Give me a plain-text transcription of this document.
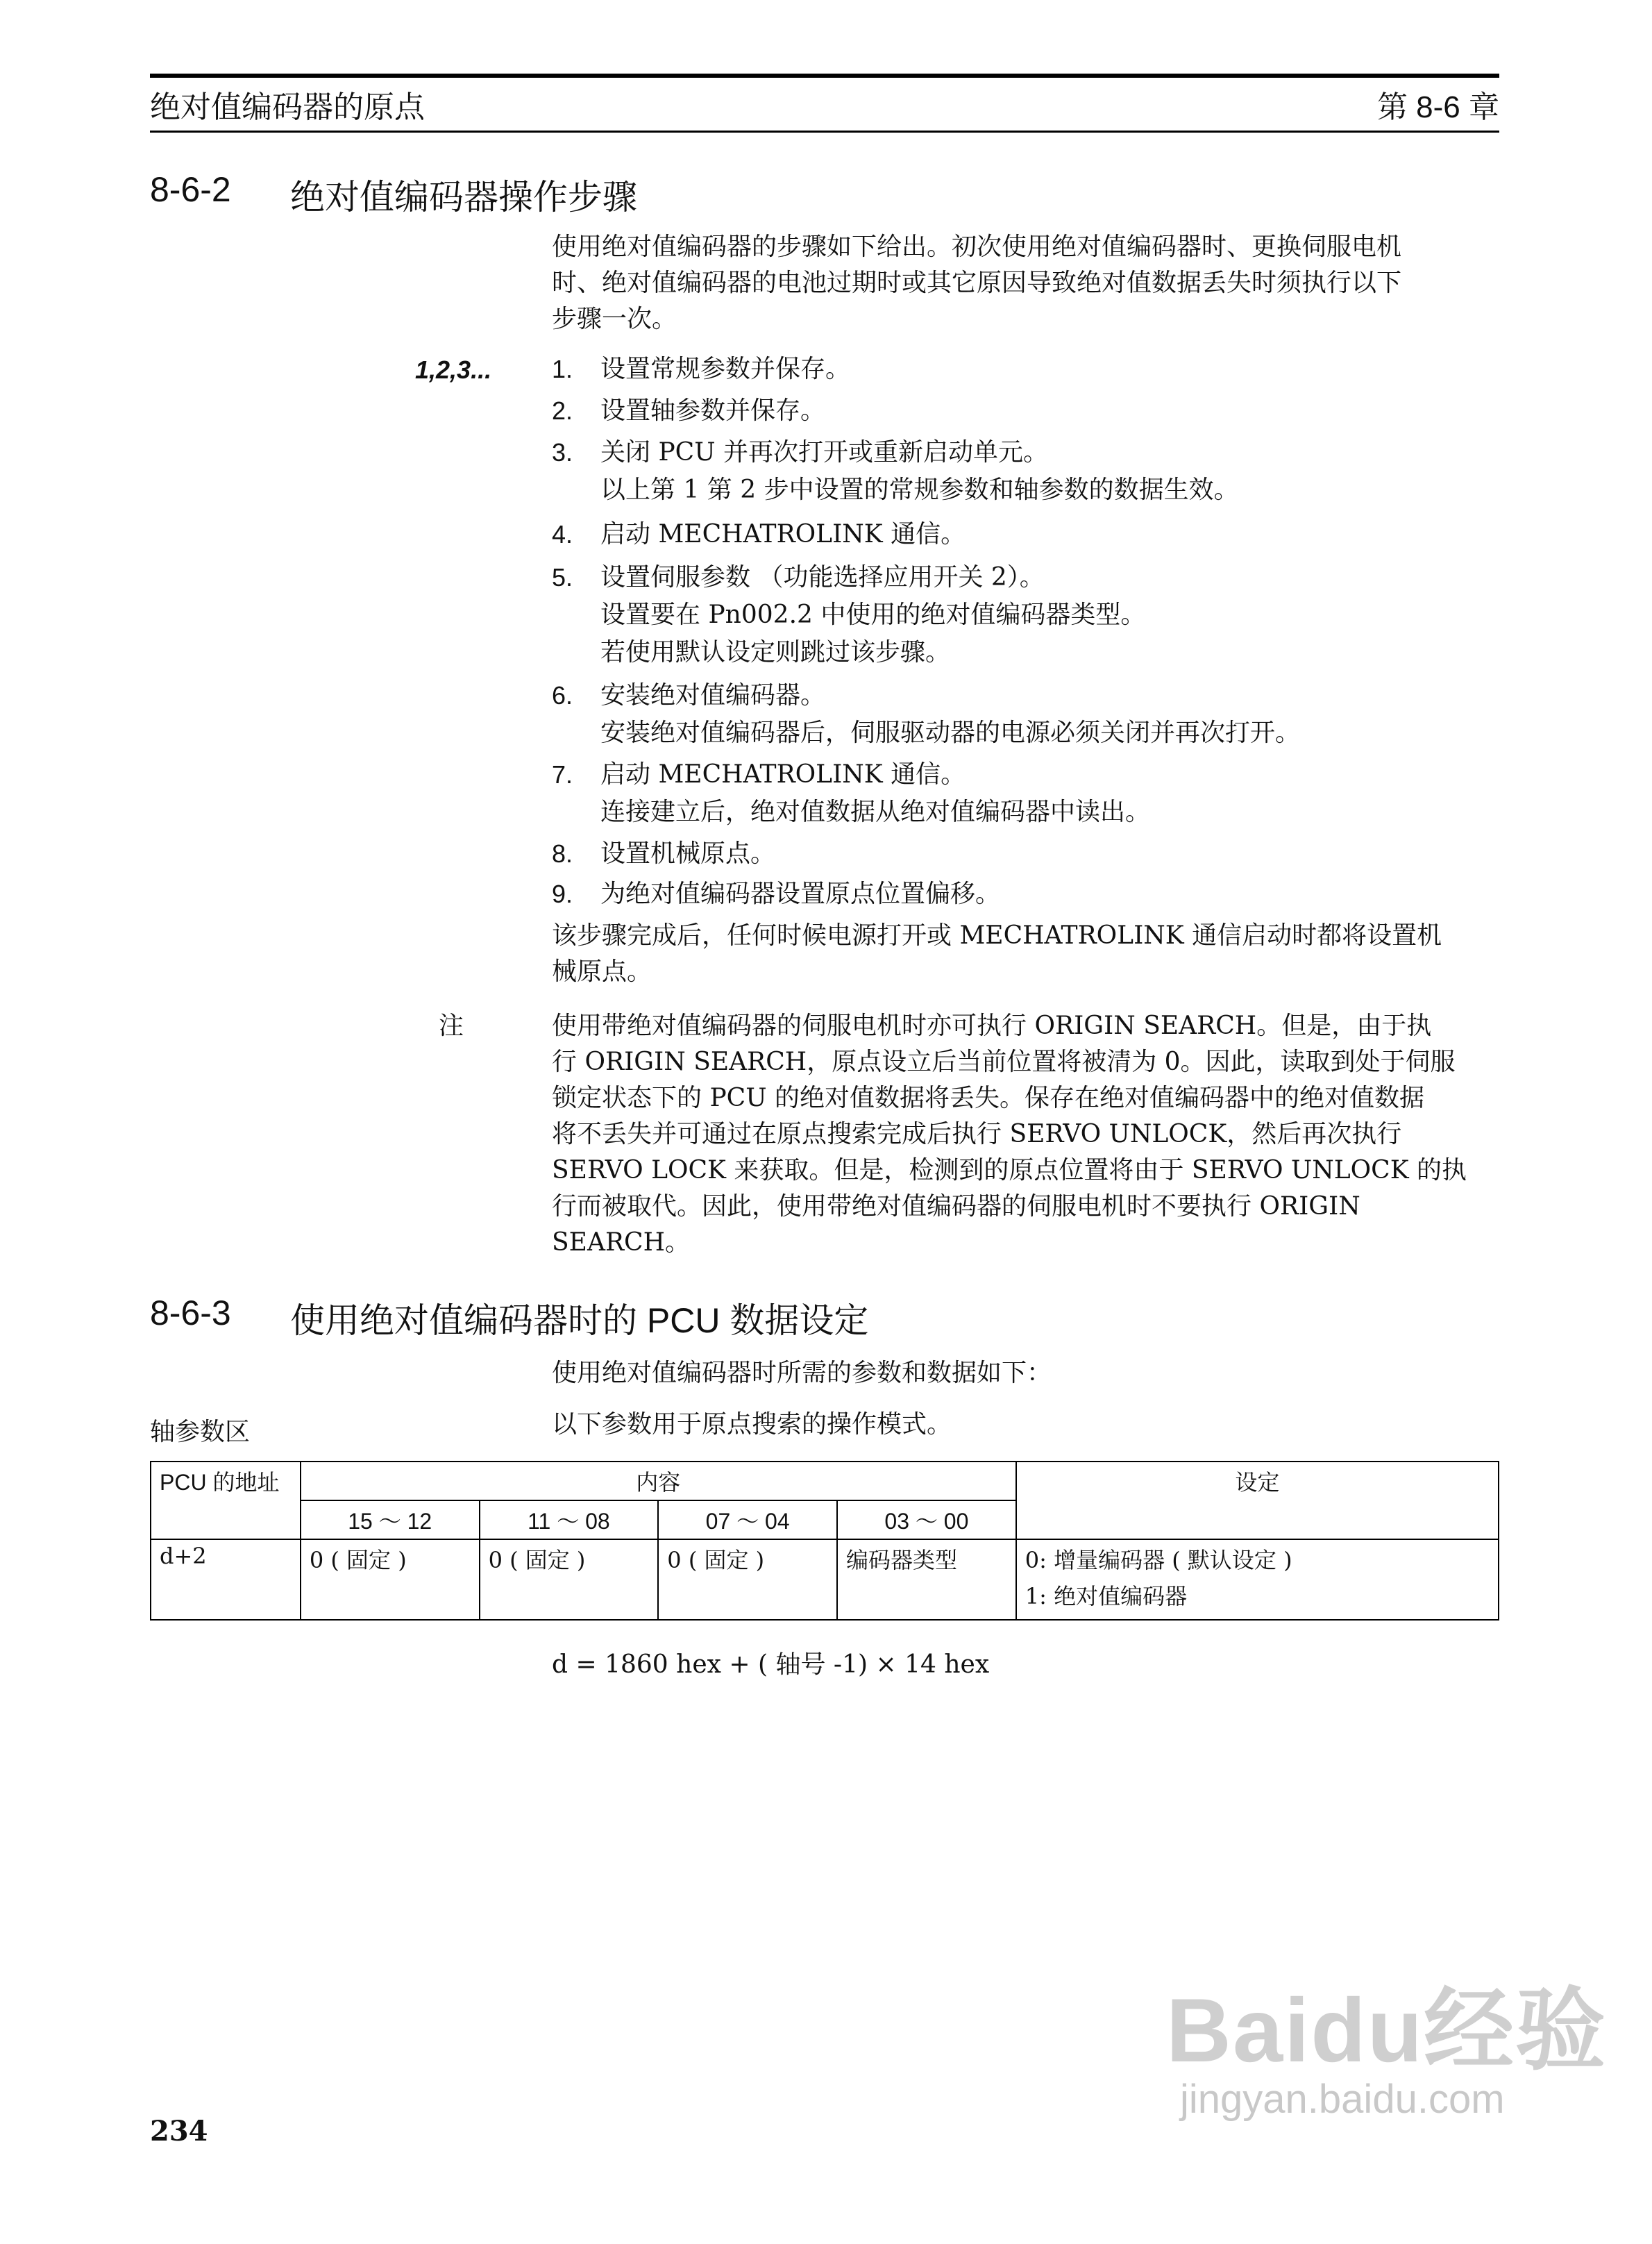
绝对值编码器的原点	第 8-6 章
8-6-2 绝对值编码器操作步骤
使用绝对值编码器的步骤如下给出。初次使用绝对值编码器时、更换伺服电机
时、绝对值编码器的电池过期时或其它原因导致绝对值数据丢失时须执行以下
步骤一次。
1,2,3... 1. 设置常规参数并保存。
2. 设置轴参数并保存。
3. 关闭 PCU 并再次打开或重新启动单元。
以上第 1 第 2 步中设置的常规参数和轴参数的数据生效。
4. 启动 MECHATROLINK 通信。
5. 设置伺服参数 （功能选择应用开关 2）。
设置要在 Pn002.2 中使用的绝对值编码器类型。
若使用默认设定则跳过该步骤。
6. 安装绝对值编码器。
安装绝对值编码器后，伺服驱动器的电源必须关闭并再次打开。
7. 启动 MECHATROLINK 通信。
连接建立后，绝对值数据从绝对值编码器中读出。
8. 设置机械原点。
9. 为绝对值编码器设置原点位置偏移。
该步骤完成后，任何时候电源打开或 MECHATROLINK 通信启动时都将设置机
械原点。
注	使用带绝对值编码器的伺服电机时亦可执行 ORIGIN SEARCH。但是，由于执
行 ORIGIN SEARCH，原点设立后当前位置将被清为 0。因此，读取到处于伺服
锁定状态下的 PCU 的绝对值数据将丢失。保存在绝对值编码器中的绝对值数据
将不丢失并可通过在原点搜索完成后执行 SERVO UNLOCK，然后再次执行
SERVO LOCK 来获取。但是，检测到的原点位置将由于 SERVO UNLOCK 的执
行而被取代。因此，使用带绝对值编码器的伺服电机时不要执行 ORIGIN
SEARCH。
8-6-3 使用绝对值编码器时的 PCU 数据设定
使用绝对值编码器时所需的参数和数据如下：
轴参数区	以下参数用于原点搜索的操作模式。
PCU 的地址	内容				设定
	15 ～ 12	11 ～ 08	07 ～ 04	03 ～ 00	
d+2	0 ( 固定 )	0 ( 固定 )	0 ( 固定 )	编码器类型	0: 增量编码器 ( 默认设定 )
1: 绝对值编码器
d = 1860 hex + ( 轴号 -1) × 14 hex
234
Baidu经验
jingyan.baidu.com
